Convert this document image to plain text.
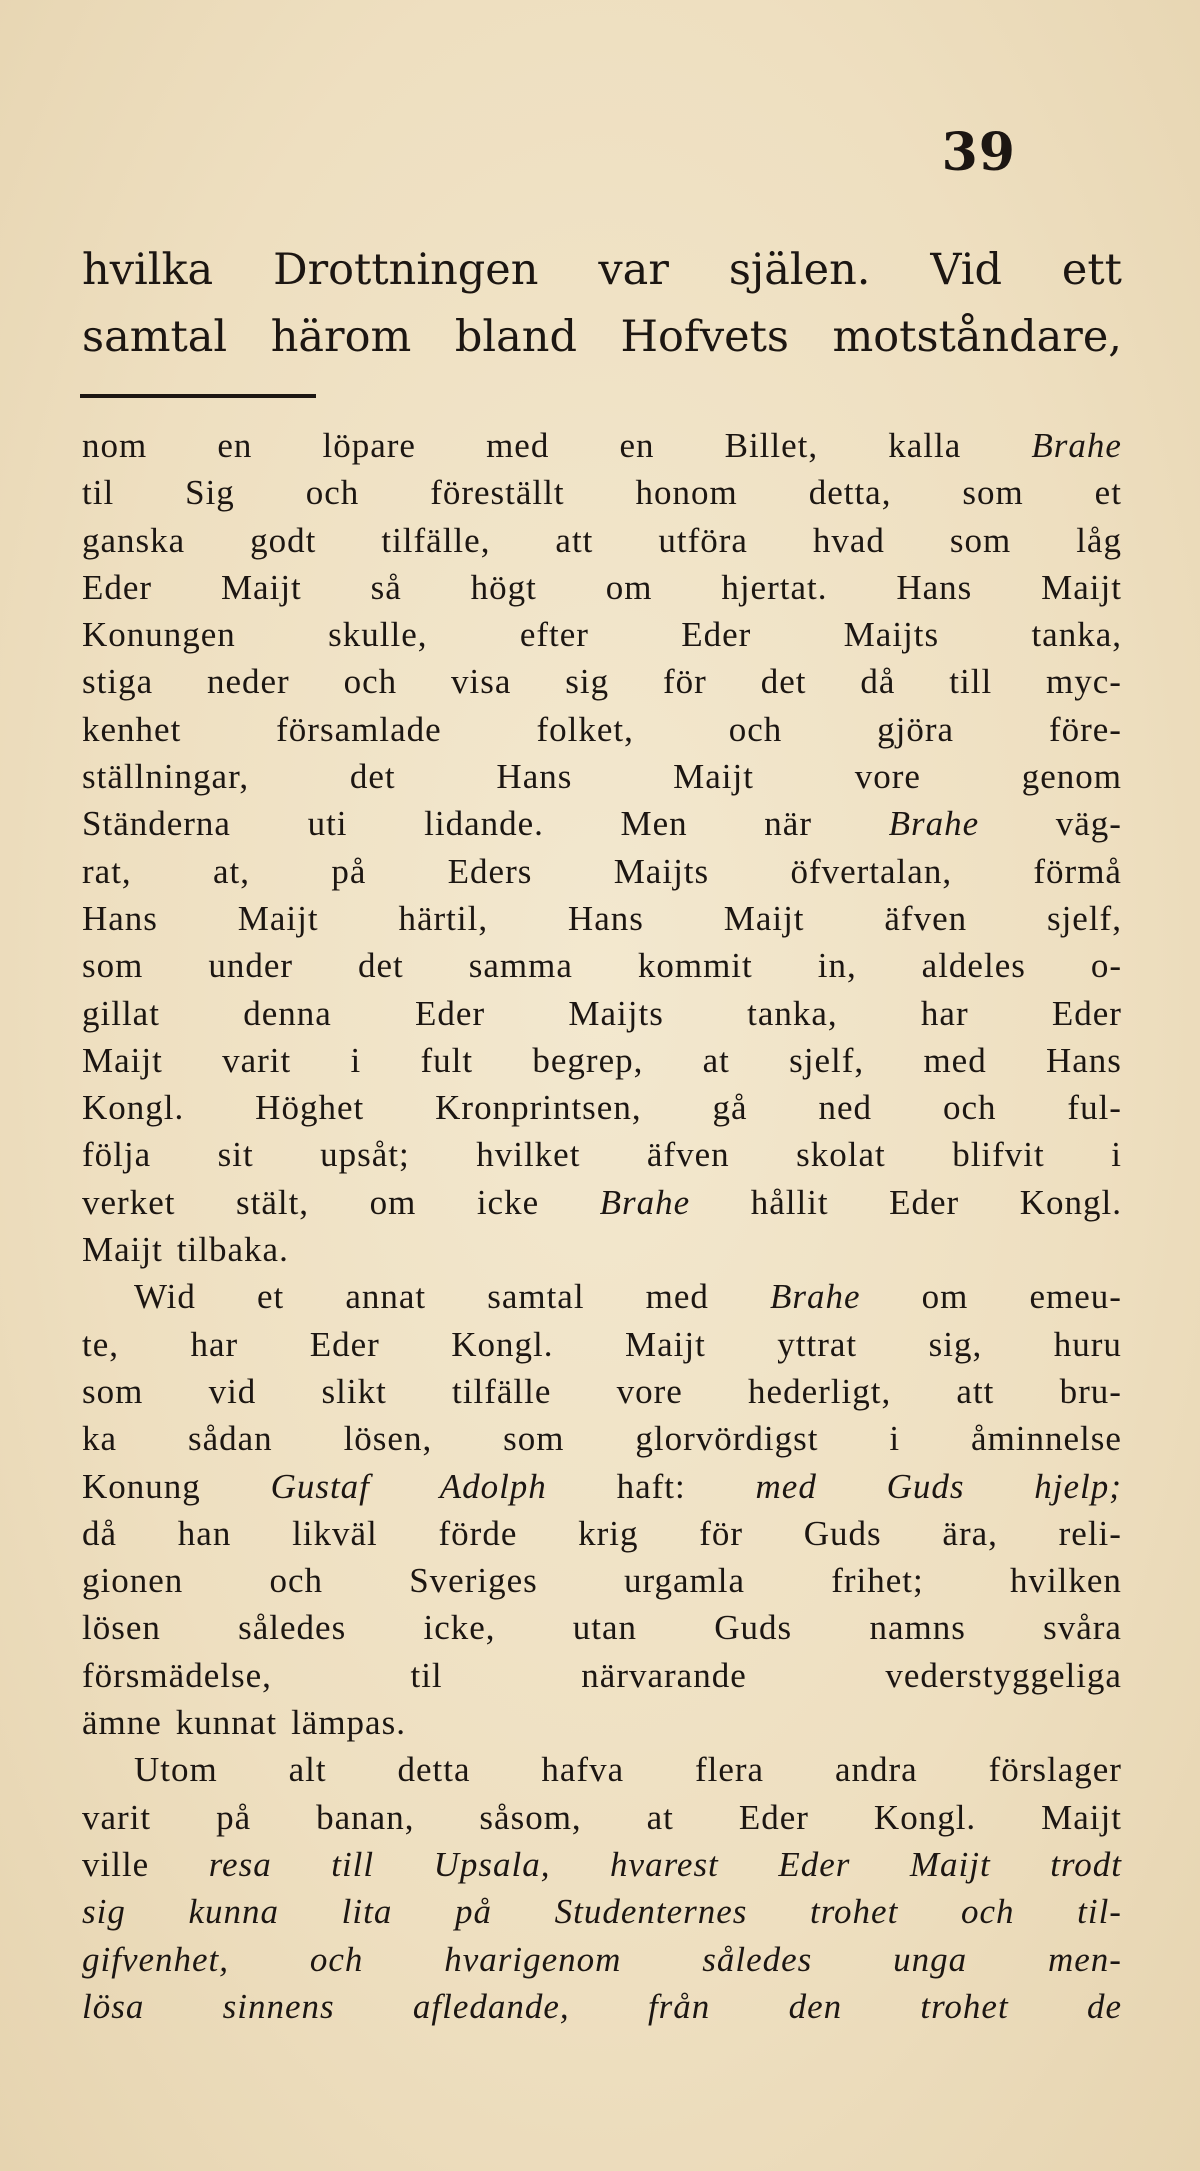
39
hvilka Drottningen var själen. Vid ett
samtal härom bland Hofvets motståndare,
nom en löpare med en Billet, kalla Brahe
til Sig och föreställt honom detta, som et
ganska godt tilfälle, att utföra hvad som låg
Eder Maijt så högt om hjertat. Hans Maijt
Konungen	skulle,	efter	Eder	Maijts	tanka,
stiga neder och visa sig för det då till myc-
kenhet	församlade	folket,	och	gjöra	före-
ställningar,	det	Hans	Maijt	vore	genom
Ständerna uti lidande. Men när Brahe väg-
rat, at, på Eders Maijts öfvertalan, förmå
Hans Maijt härtil, Hans Maijt äfven sjelf,
som under det samma kommit in, aldeles o-
gillat denna Eder Maijts tanka, har Eder
Maijt varit i fult begrep, at sjelf, med Hans
Kongl. Höghet Kronprintsen, gå ned och ful-
följa sit upsåt; hvilket äfven skolat blifvit i
verket stält, om icke Brahe hållit Eder Kongl.
Maijt tilbaka.
Wid et annat samtal med Brahe om emeu-
te, har Eder Kongl. Maijt yttrat sig, huru
som vid slikt tilfälle vore hederligt, att bru-
ka sådan lösen, som glorvördigst i åminnelse
Konung Gustaf Adolph haft: med Guds hjelp;
då han likväl förde krig för Guds ära, reli-
gionen och Sveriges urgamla frihet; hvilken
lösen således icke, utan Guds namns svåra
försmädelse,	til	närvarande	vederstyggeliga
ämne kunnat lämpas.
Utom alt detta hafva flera andra förslager
varit på banan, såsom, at Eder Kongl. Maijt
ville resa till Upsala, hvarest Eder Maijt trodt
sig kunna lita på Studenternes trohet och til-
gifvenhet, och hvarigenom således unga men-
lösa sinnens afledande, från den trohet de
